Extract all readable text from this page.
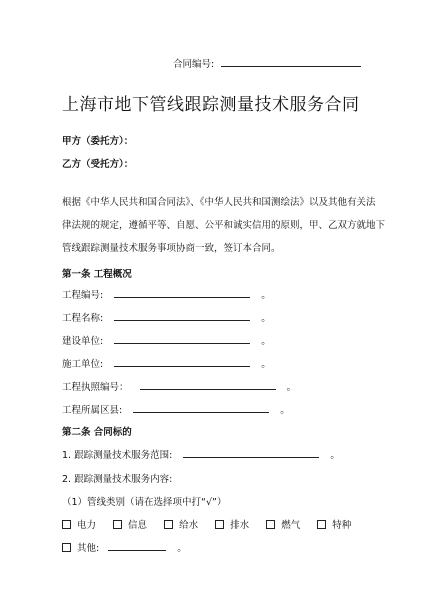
合同编号:
上海市地下管线跟踪测量技术服务合同
甲方（委托方）：
乙方（受托方）：
根据《中华人民共和国合同法》、《中华人民共和国测绘法》以及其他有关法
律法规的规定，遵循平等、自愿、公平和诚实信用的原则，甲、乙双方就地下
管线跟踪测量技术服务事项协商一致，签订本合同。
第一条 工程概况
工程编号:	。
工程名称:	。
建设单位:	。
施工单位:	。
工程执照编号：	。
工程所属区县:	。
第二条 合同标的
1. 跟踪测量技术服务范围:	。
2. 跟踪测量技术服务内容:
（1）管线类别（请在选择项中打“√”）
电力	信息	给水	排水	燃气	特种
其他:	。
